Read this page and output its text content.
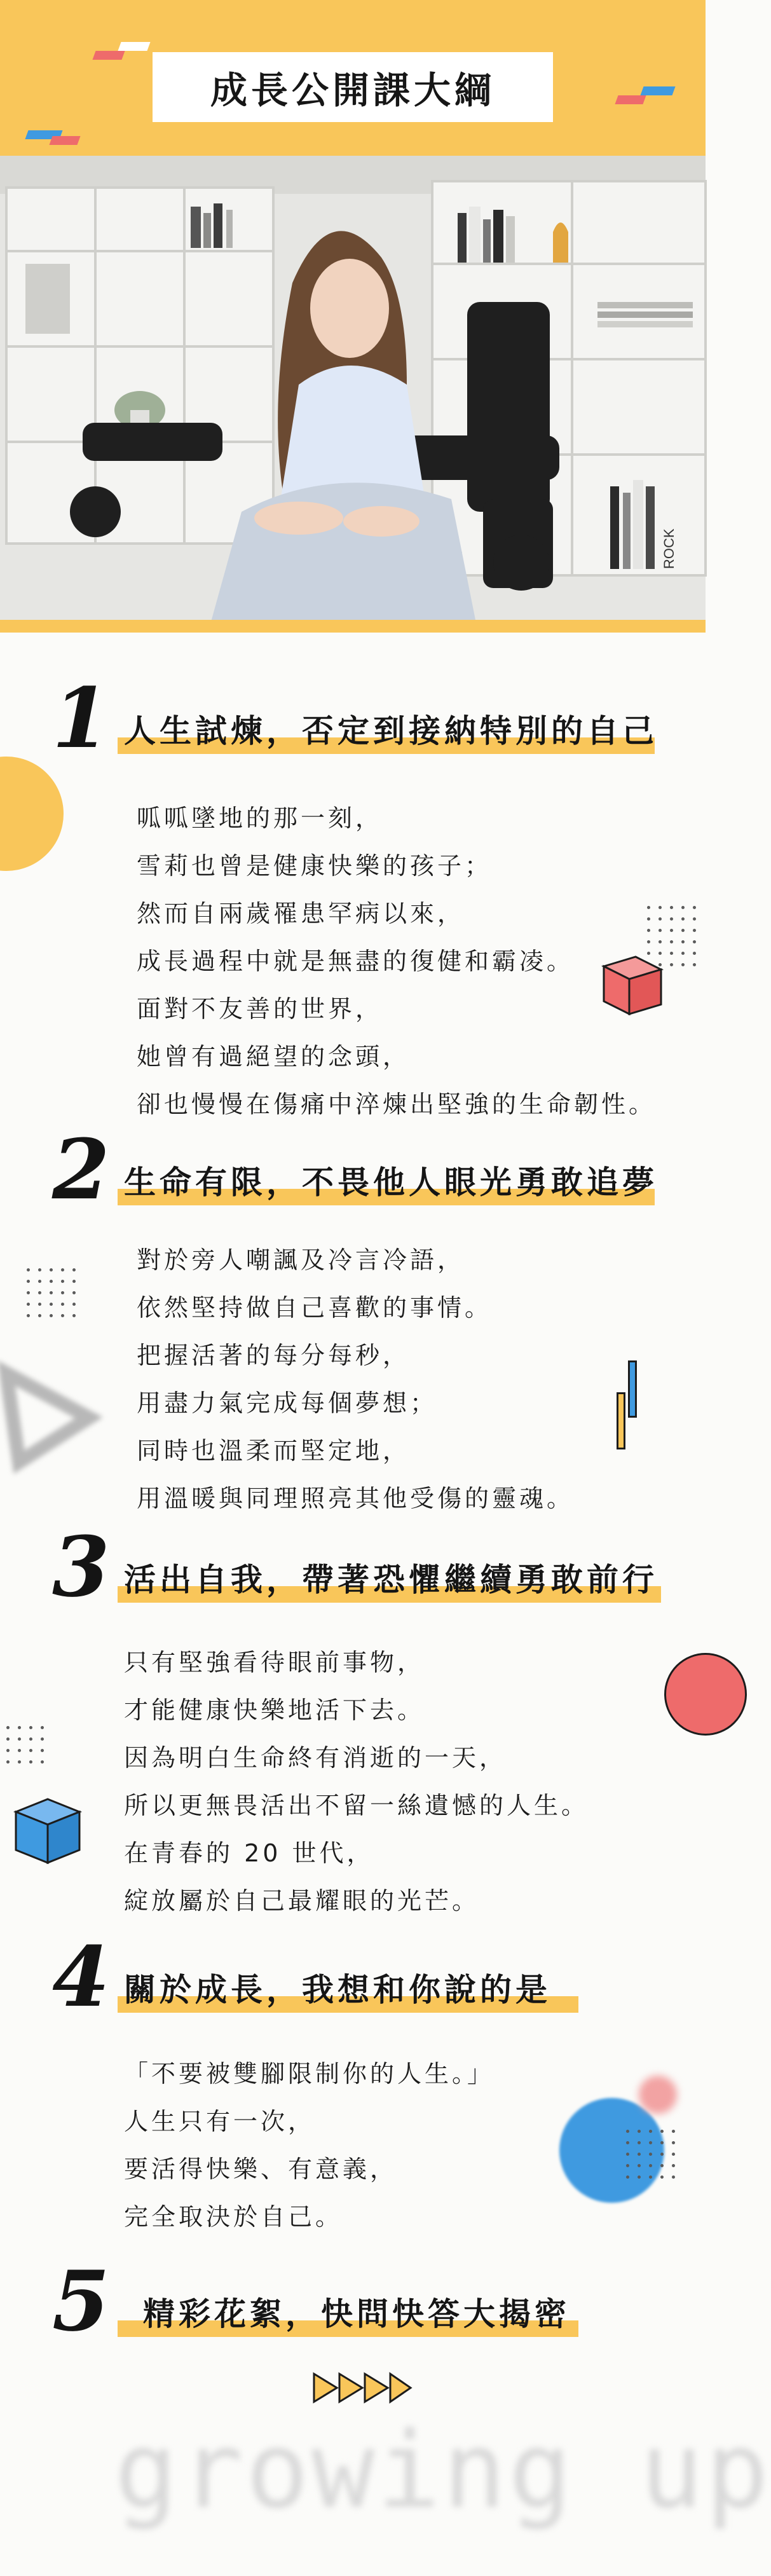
成長公開課大綱
ROCK
1 人生試煉，否定到接納特別的自己
呱呱墜地的那一刻，
雪莉也曾是健康快樂的孩子；
然而自兩歲罹患罕病以來，
成長過程中就是無盡的復健和霸凌。
面對不友善的世界，
她曾有過絕望的念頭，
卻也慢慢在傷痛中淬煉出堅強的生命韌性。
2 生命有限，不畏他人眼光勇敢追夢
對於旁人嘲諷及冷言冷語，
依然堅持做自己喜歡的事情。
把握活著的每分每秒，
用盡力氣完成每個夢想；
同時也溫柔而堅定地，
用溫暖與同理照亮其他受傷的靈魂。
3 活出自我，帶著恐懼繼續勇敢前行
只有堅強看待眼前事物，
才能健康快樂地活下去。
因為明白生命終有消逝的一天，
所以更無畏活出不留一絲遺憾的人生。
在青春的 20 世代，
綻放屬於自己最耀眼的光芒。
4 關於成長，我想和你說的是
「不要被雙腳限制你的人生。」
人生只有一次，
要活得快樂、有意義，
完全取決於自己。
5 精彩花絮，快問快答大揭密
growing up
